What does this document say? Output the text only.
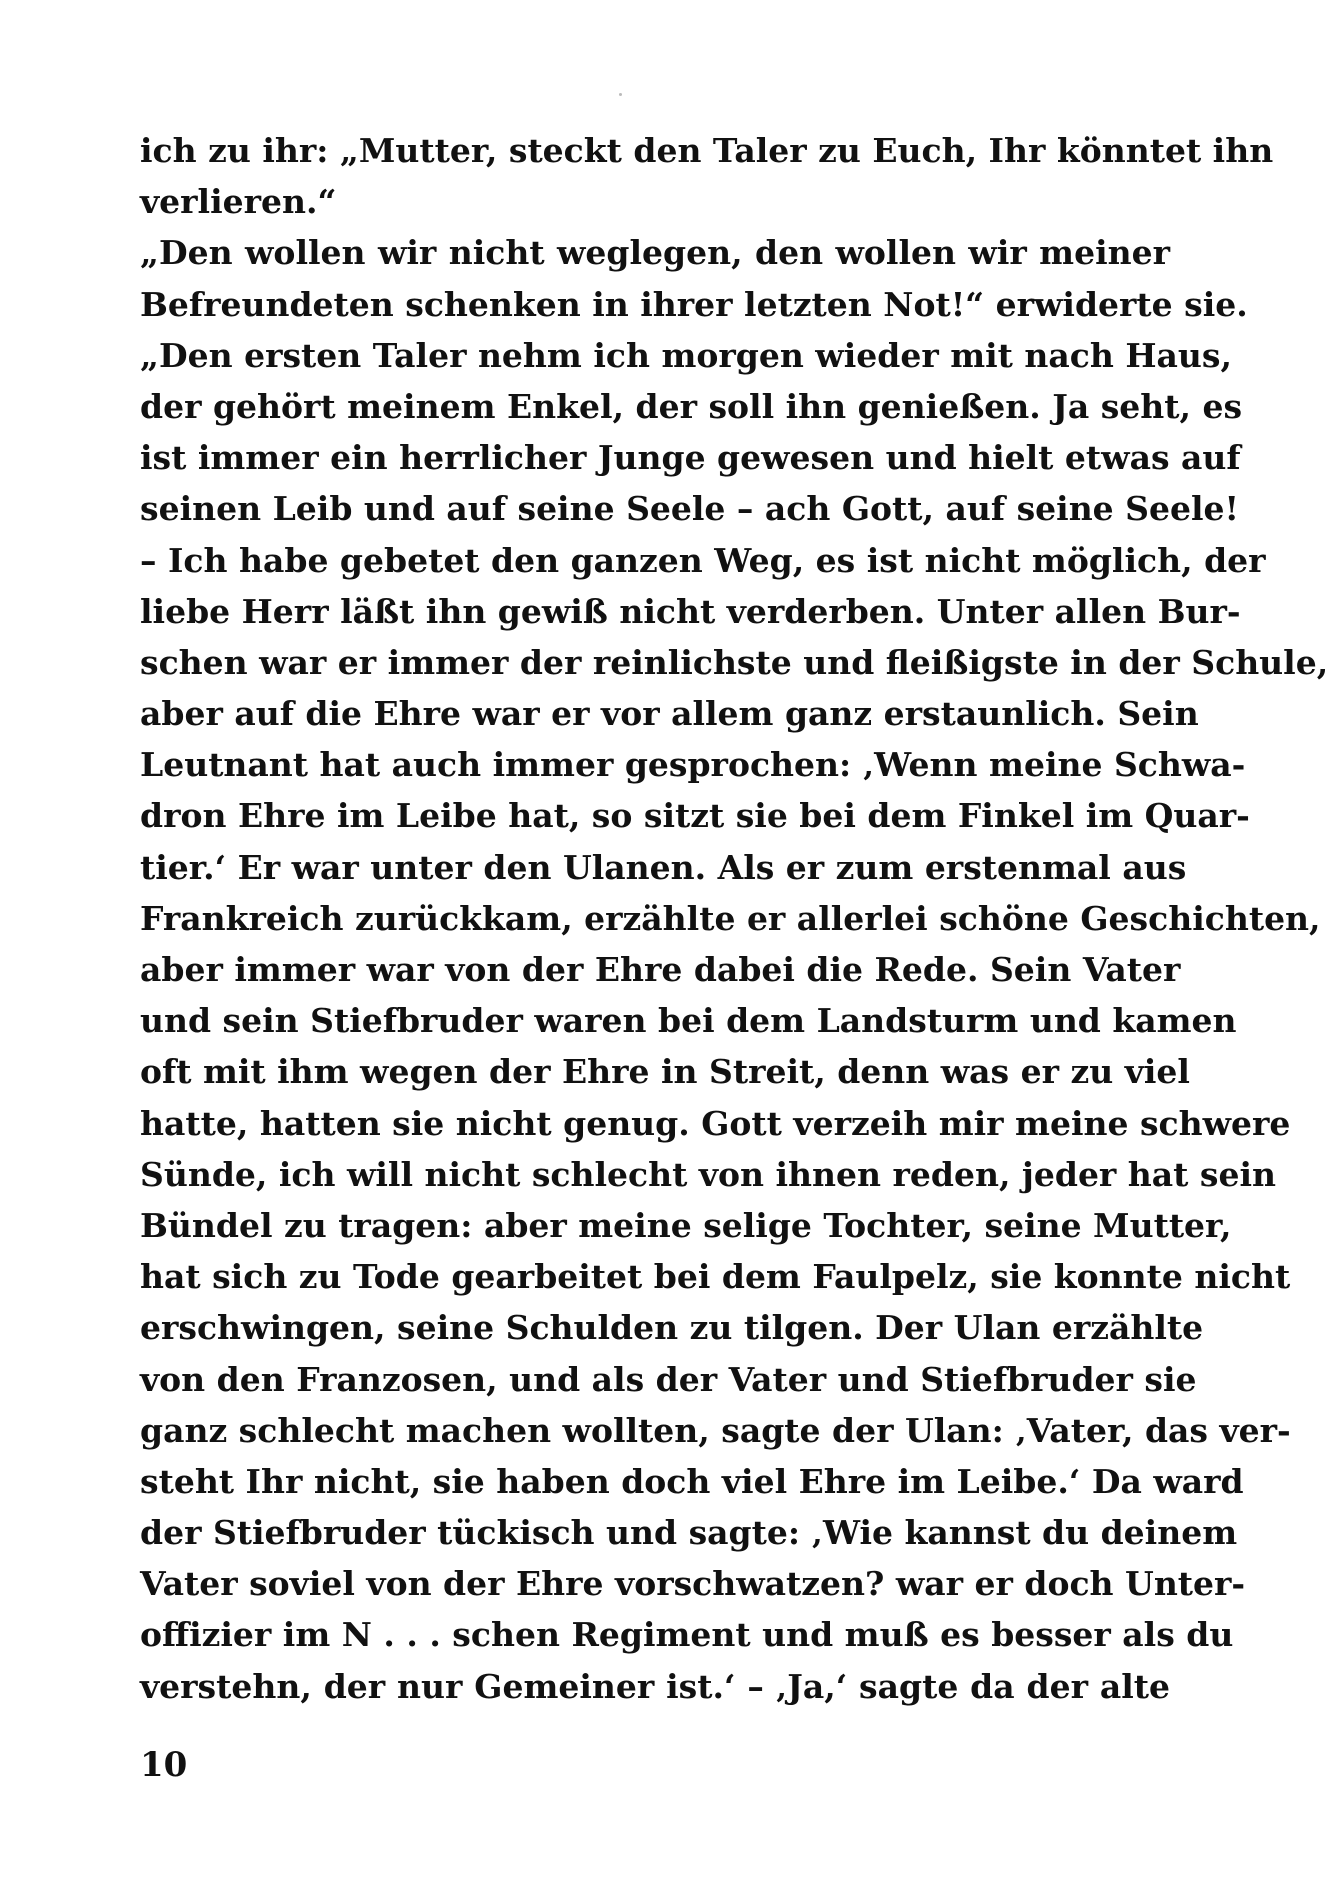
ich zu ihr: „Mutter, steckt den Taler zu Euch, Ihr könntet ihn
verlieren.“
„Den wollen wir nicht weglegen, den wollen wir meiner
Befreundeten schenken in ihrer letzten Not!“ erwiderte sie.
„Den ersten Taler nehm ich morgen wieder mit nach Haus,
der gehört meinem Enkel, der soll ihn genießen. Ja seht, es
ist immer ein herrlicher Junge gewesen und hielt etwas auf
seinen Leib und auf seine Seele – ach Gott, auf seine Seele!
– Ich habe gebetet den ganzen Weg, es ist nicht möglich, der
liebe Herr läßt ihn gewiß nicht verderben. Unter allen Bur-
schen war er immer der reinlichste und fleißigste in der Schule,
aber auf die Ehre war er vor allem ganz erstaunlich. Sein
Leutnant hat auch immer gesprochen: ‚Wenn meine Schwa-
dron Ehre im Leibe hat, so sitzt sie bei dem Finkel im Quar-
tier.‘ Er war unter den Ulanen. Als er zum erstenmal aus
Frankreich zurückkam, erzählte er allerlei schöne Geschichten,
aber immer war von der Ehre dabei die Rede. Sein Vater
und sein Stiefbruder waren bei dem Landsturm und kamen
oft mit ihm wegen der Ehre in Streit, denn was er zu viel
hatte, hatten sie nicht genug. Gott verzeih mir meine schwere
Sünde, ich will nicht schlecht von ihnen reden, jeder hat sein
Bündel zu tragen: aber meine selige Tochter, seine Mutter,
hat sich zu Tode gearbeitet bei dem Faulpelz, sie konnte nicht
erschwingen, seine Schulden zu tilgen. Der Ulan erzählte
von den Franzosen, und als der Vater und Stiefbruder sie
ganz schlecht machen wollten, sagte der Ulan: ‚Vater, das ver-
steht Ihr nicht, sie haben doch viel Ehre im Leibe.‘ Da ward
der Stiefbruder tückisch und sagte: ‚Wie kannst du deinem
Vater soviel von der Ehre vorschwatzen? war er doch Unter-
offizier im N . . . schen Regiment und muß es besser als du
verstehn, der nur Gemeiner ist.‘ – ‚Ja,‘ sagte da der alte
10
